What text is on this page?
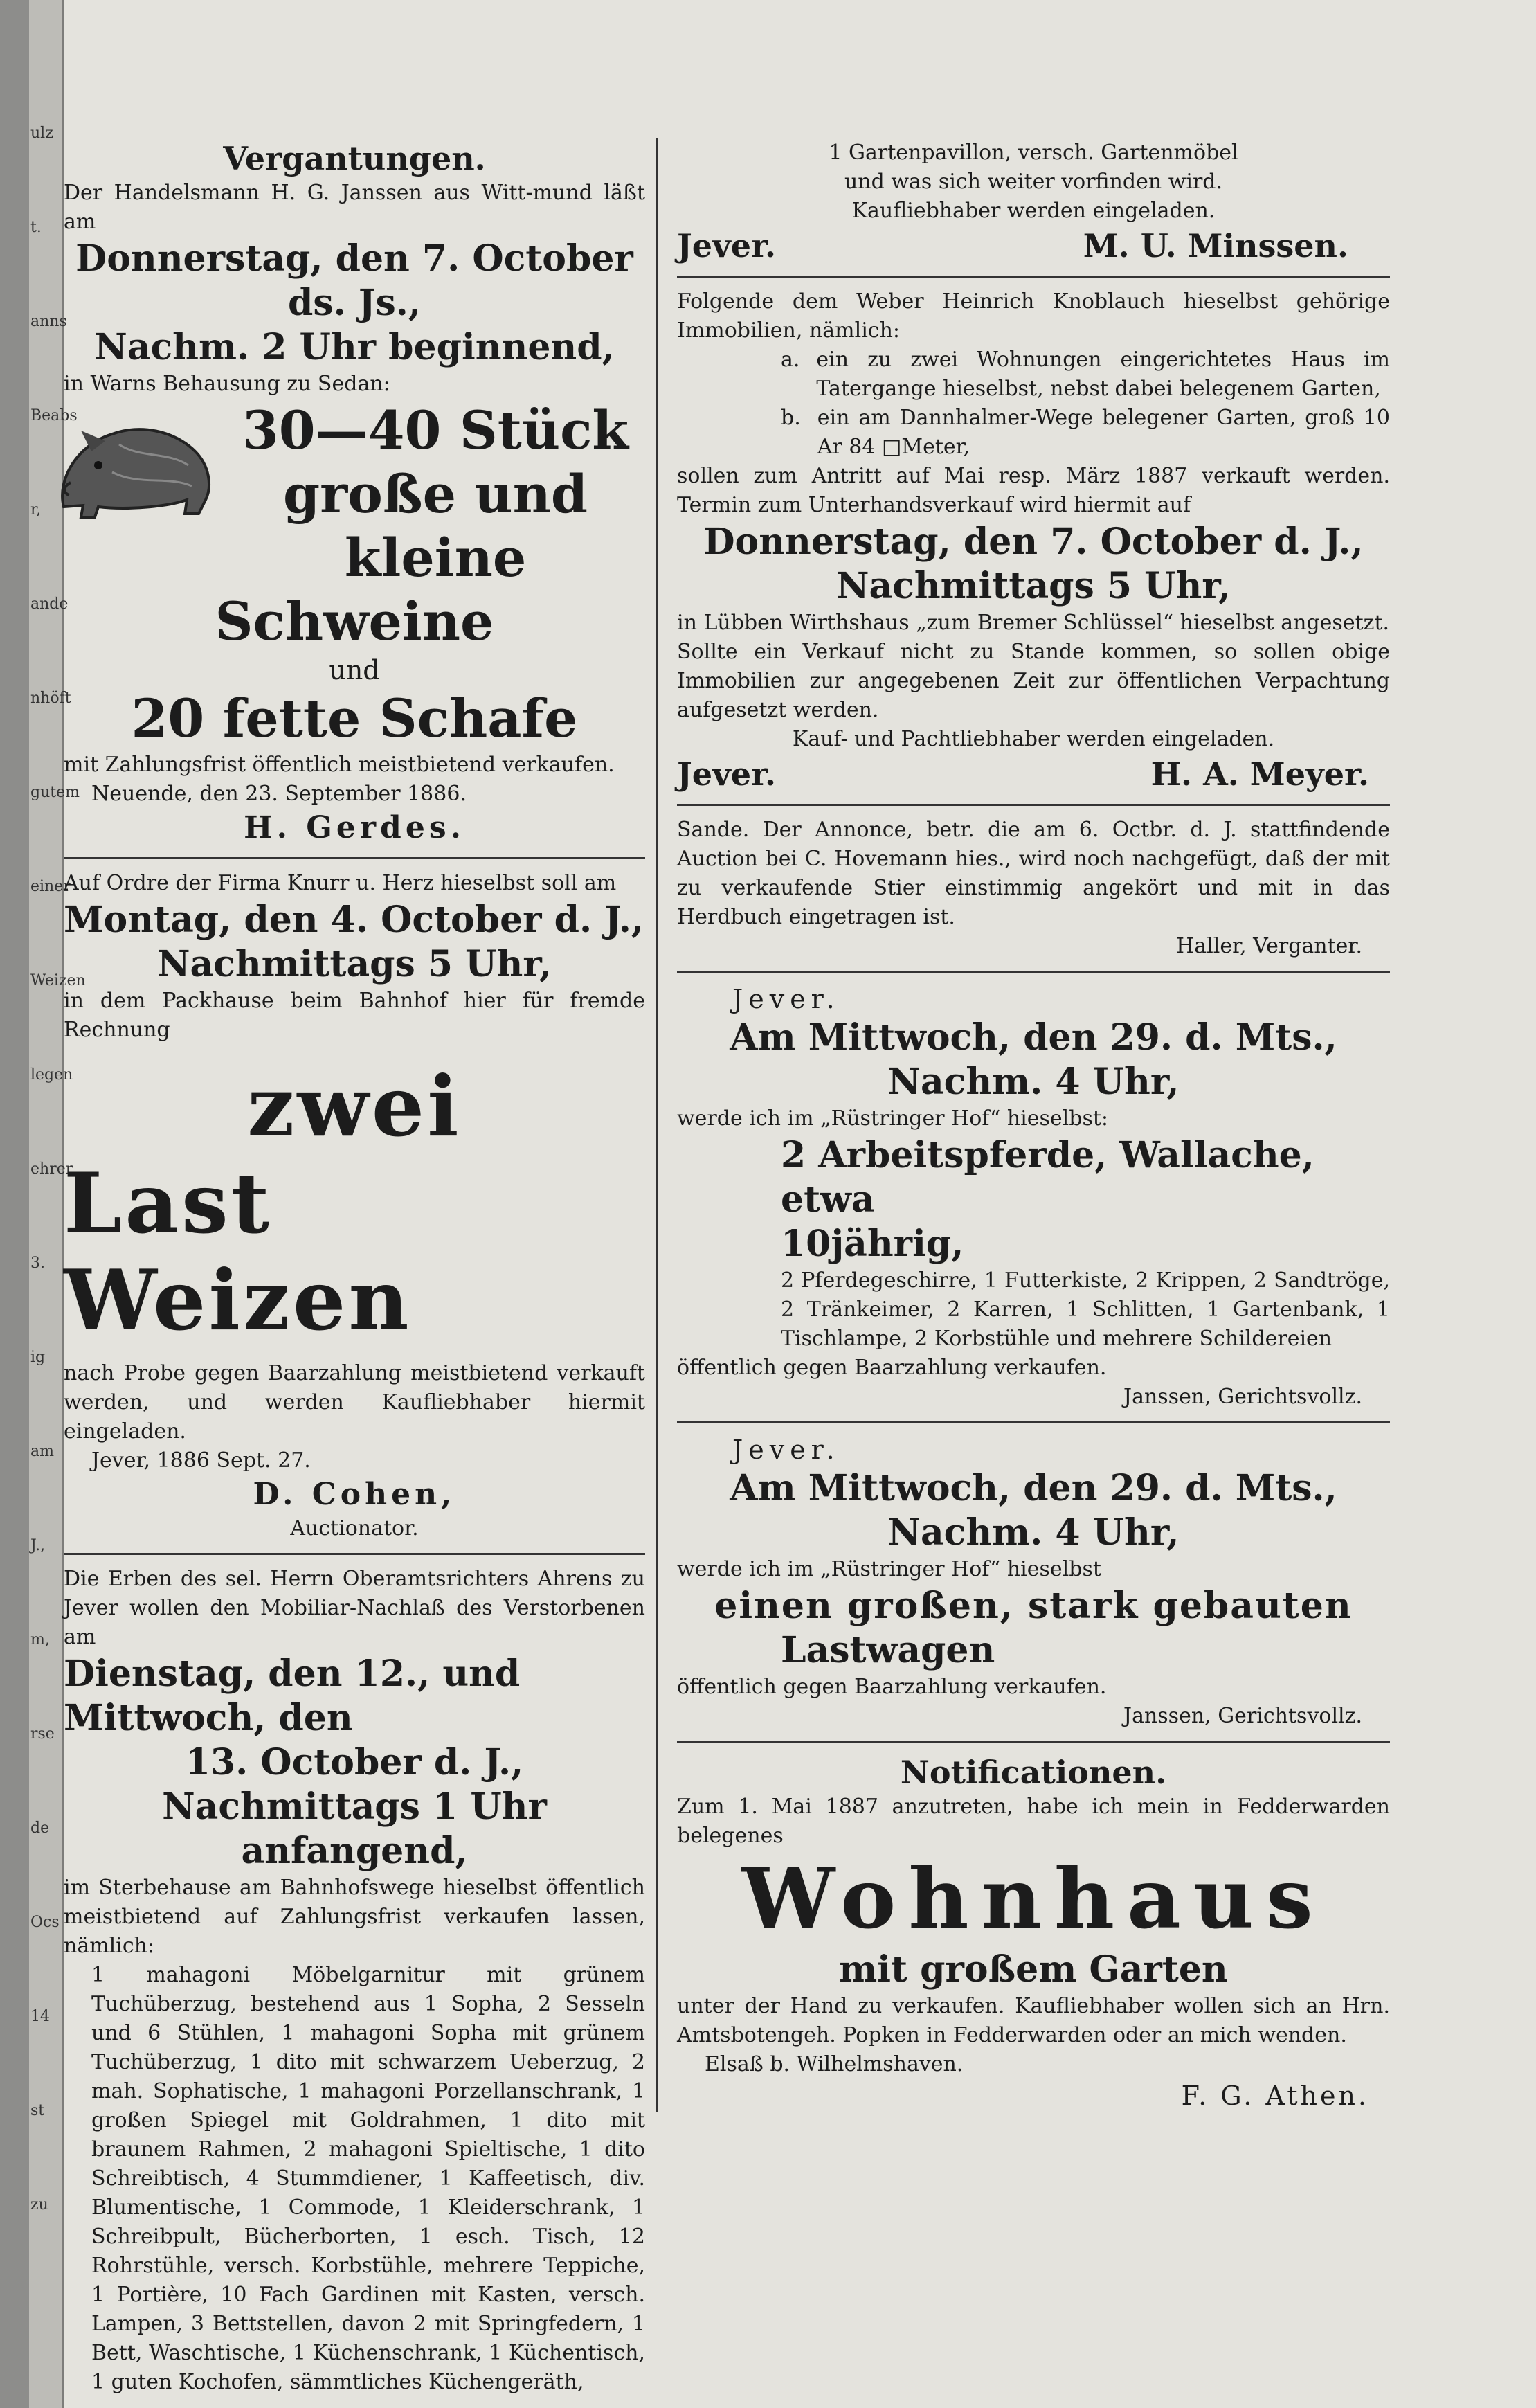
ulz
t.
anns
Beabs
r,
ande
nhöft
gutem
einer
Weizen
legen
ehrer
3.
ig
am
J.,
m,
rse
de
Ocs
14
st
zu

Vergantungen.

Der Handelsmann H. G. Janssen aus Witt-mund läßt am

Donnerstag, den 7. October ds. Js.,

Nachm. 2 Uhr beginnend,

in Warns Behausung zu Sedan:

30—40 Stück

große und kleine

Schweine

und

20 fette Schafe

mit Zahlungsfrist öffentlich meistbietend verkaufen.

Neuende, den 23. September 1886.

H. Gerdes.

Auf Ordre der Firma Knurr u. Herz hieselbst soll am

Montag, den 4. October d. J.,

Nachmittags 5 Uhr,

in dem Packhause beim Bahnhof hier für fremde Rechnung

zwei

Last Weizen

nach Probe gegen Baarzahlung meistbietend verkauft werden, und werden Kaufliebhaber hiermit eingeladen.

Jever, 1886 Sept. 27.

D. Cohen,

Auctionator.

Die Erben des sel. Herrn Oberamtsrichters Ahrens zu Jever wollen den Mobiliar-Nachlaß des Verstorbenen am

Dienstag, den 12., und Mittwoch, den

13. October d. J.,

Nachmittags 1 Uhr anfangend,

im Sterbehause am Bahnhofswege hieselbst öffentlich meistbietend auf Zahlungsfrist verkaufen lassen, nämlich:

1 mahagoni Möbelgarnitur mit grünem Tuchüberzug, bestehend aus 1 Sopha, 2 Sesseln und 6 Stühlen, 1 mahagoni Sopha mit grünem Tuchüberzug, 1 dito mit schwarzem Ueberzug, 2 mah. Sophatische, 1 mahagoni Porzellanschrank, 1 großen Spiegel mit Goldrahmen, 1 dito mit braunem Rahmen, 2 mahagoni Spieltische, 1 dito Schreibtisch, 4 Stummdiener, 1 Kaffeetisch, div. Blumentische, 1 Commode, 1 Kleiderschrank, 1 Schreibpult, Bücherborten, 1 esch. Tisch, 12 Rohrstühle, versch. Korbstühle, mehrere Teppiche, 1 Portière, 10 Fach Gardinen mit Kasten, versch. Lampen, 3 Bettstellen, davon 2 mit Springfedern, 1 Bett, Waschtische, 1 Küchenschrank, 1 Küchentisch, 1 guten Kochofen, sämmtliches Küchengeräth,

1 Gartenpavillon, versch. Gartenmöbel

und was sich weiter vorfinden wird.

Kaufliebhaber werden eingeladen.

Jever.	M. U. Minssen.

Folgende dem Weber Heinrich Knoblauch hieselbst gehörige Immobilien, nämlich:

a. ein zu zwei Wohnungen eingerichtetes Haus im Tatergange hieselbst, nebst dabei belegenem Garten,
b. ein am Dannhalmer-Wege belegener Garten, groß 10 Ar 84 □Meter,

sollen zum Antritt auf Mai resp. März 1887 verkauft werden. Termin zum Unterhandsverkauf wird hiermit auf

Donnerstag, den 7. October d. J.,

Nachmittags 5 Uhr,

in Lübben Wirthshaus „zum Bremer Schlüssel“ hieselbst angesetzt.

Sollte ein Verkauf nicht zu Stande kommen, so sollen obige Immobilien zur angegebenen Zeit zur öffentlichen Verpachtung aufgesetzt werden.

Kauf- und Pachtliebhaber werden eingeladen.

Jever.	H. A. Meyer.

Sande. Der Annonce, betr. die am 6. Octbr. d. J. stattfindende Auction bei C. Hovemann hies., wird noch nachgefügt, daß der mit zu verkaufende Stier einstimmig angekört und mit in das Herdbuch eingetragen ist.

Haller, Verganter.

Jever.

Am Mittwoch, den 29. d. Mts.,

Nachm. 4 Uhr,

werde ich im „Rüstringer Hof“ hieselbst:

2 Arbeitspferde, Wallache, etwa

10jährig,

2 Pferdegeschirre, 1 Futterkiste, 2 Krippen, 2 Sandtröge, 2 Tränkeimer, 2 Karren, 1 Schlitten, 1 Gartenbank, 1 Tischlampe, 2 Korbstühle und mehrere Schildereien

öffentlich gegen Baarzahlung verkaufen.

Janssen, Gerichtsvollz.

Jever.

Am Mittwoch, den 29. d. Mts.,

Nachm. 4 Uhr,

werde ich im „Rüstringer Hof“ hieselbst

einen großen, stark gebauten

Lastwagen

öffentlich gegen Baarzahlung verkaufen.

Janssen, Gerichtsvollz.

Notificationen.

Zum 1. Mai 1887 anzutreten, habe ich mein in Fedderwarden belegenes

Wohnhaus

mit großem Garten

unter der Hand zu verkaufen. Kaufliebhaber wollen sich an Hrn. Amtsbotengeh. Popken in Fedderwarden oder an mich wenden.

Elsaß b. Wilhelmshaven.

F. G. Athen.
